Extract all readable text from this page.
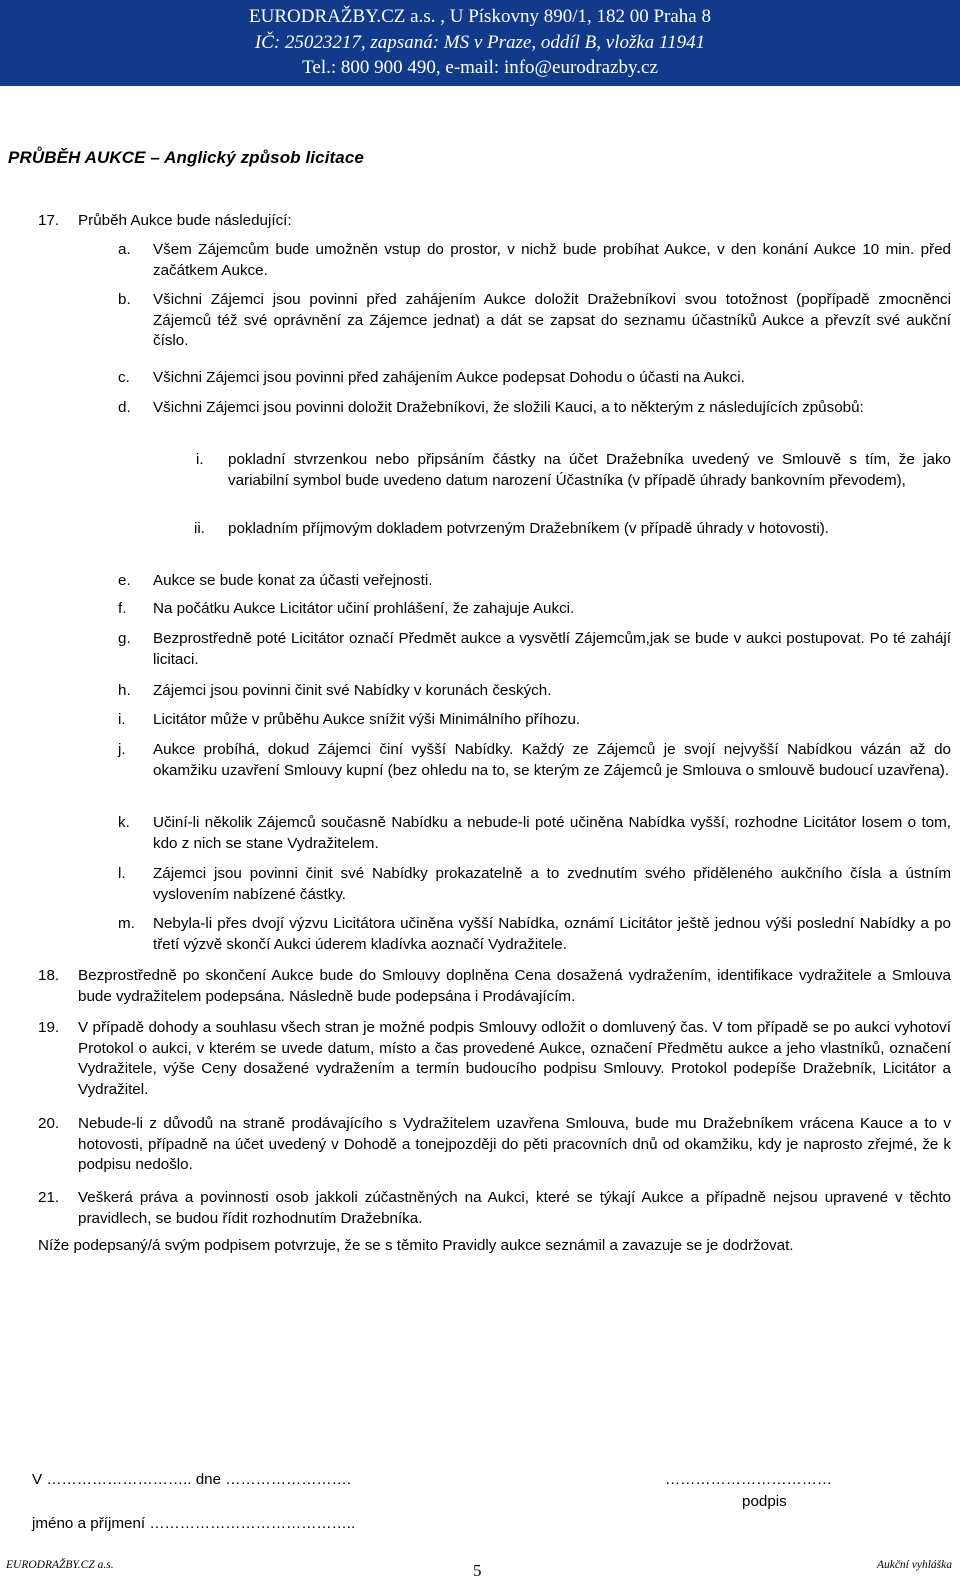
EURODRAŽBY.CZ a.s. , U Pískovny 890/1, 182 00 Praha 8
IČ: 25023217, zapsaná: MS v Praze, oddíl B, vložka 11941
Tel.: 800 900 490, e-mail: info@eurodrazby.cz
PRŮBĚH AUKCE – Anglický způsob licitace
17. Průběh Aukce bude následující:
a. Všem Zájemcům bude umožněn vstup do prostor, v nichž bude probíhat Aukce, v den konání Aukce 10 min. před začátkem Aukce.
b. Všichni Zájemci jsou povinni před zahájením Aukce doložit Dražebníkovi svou totožnost (popřípadě zmocněnci Zájemců též své oprávnění za Zájemce jednat) a dát se zapsat do seznamu účastníků Aukce a převzít své aukční číslo.
c. Všichni Zájemci jsou povinni před zahájením Aukce podepsat Dohodu o účasti na Aukci.
d. Všichni Zájemci jsou povinni doložit Dražebníkovi, že složili Kauci, a to některým z následujících způsobů:
i. pokladní stvrzenkou nebo připsáním částky na účet Dražebníka uvedený ve Smlouvě s tím, že jako variabilní symbol bude uvedeno datum narození Účastníka (v případě úhrady bankovním převodem),
ii. pokladním příjmovým dokladem potvrzeným Dražebníkem (v případě úhrady v hotovosti).
e. Aukce se bude konat za účasti veřejnosti.
f. Na počátku Aukce Licitátor učiní prohlášení, že zahajuje Aukci.
g. Bezprostředně poté Licitátor označí Předmět aukce a vysvětlí Zájemcům,jak se bude v aukci postupovat. Po té zahájí licitaci.
h. Zájemci jsou povinni činit své Nabídky v korunách českých.
i. Licitátor může v průběhu Aukce snížit výši Minimálního příhozu.
j. Aukce probíhá, dokud Zájemci činí vyšší Nabídky. Každý ze Zájemců je svojí nejvyšší Nabídkou vázán až do okamžiku uzavření Smlouvy kupní (bez ohledu na to, se kterým ze Zájemců je Smlouva o smlouvě budoucí uzavřena).
k. Učiní-li několik Zájemců současně Nabídku a nebude-li poté učiněna Nabídka vyšší, rozhodne Licitátor losem o tom, kdo z nich se stane Vydražitelem.
l. Zájemci jsou povinni činit své Nabídky prokazatelně a to zvednutím svého přiděleného aukčního čísla a ústním vyslovením nabízené částky.
m. Nebyla-li přes dvojí výzvu Licitátora učiněna vyšší Nabídka, oznámí Licitátor ještě jednou výši poslední Nabídky a po třetí výzvě skončí Aukci úderem kladívka aoznačí Vydražitele.
18. Bezprostředně po skončení Aukce bude do Smlouvy doplněna Cena dosažená vydražením, identifikace vydražitele a Smlouva bude vydražitelem podepsána. Následně bude podepsána i Prodávajícím.
19. V případě dohody a souhlasu všech stran je možné podpis Smlouvy odložit o domluvený čas. V tom případě se po aukci vyhotoví Protokol o aukci, v kterém se uvede datum, místo a čas provedené Aukce, označení Předmětu aukce a jeho vlastníků, označení Vydražitele, výše Ceny dosažené vydražením a termín budoucího podpisu Smlouvy. Protokol podepíše Dražebník, Licitátor a Vydražitel.
20. Nebude-li z důvodů na straně prodávajícího s Vydražitelem uzavřena Smlouva, bude mu Dražebníkem vrácena Kauce a to v hotovosti, případně na účet uvedený v Dohodě a tonejpozději do pěti pracovních dnů od okamžiku, kdy je naprosto zřejmé, že k podpisu nedošlo.
21. Veškerá práva a povinnosti osob jakkoli zúčastněných na Aukci, které se týkají Aukce a případně nejsou upravené v těchto pravidlech, se budou řídit rozhodnutím Dražebníka.
Níže podepsaný/á svým podpisem potvrzuje, že se s těmito Pravidly aukce seznámil a zavazuje se je dodržovat.
V ……………………….. dne …………………….	……………………………
podpis
jméno a příjmení …………………………………..
EURODRAŽBY.CZ a.s.	5	Aukční vyhláška
